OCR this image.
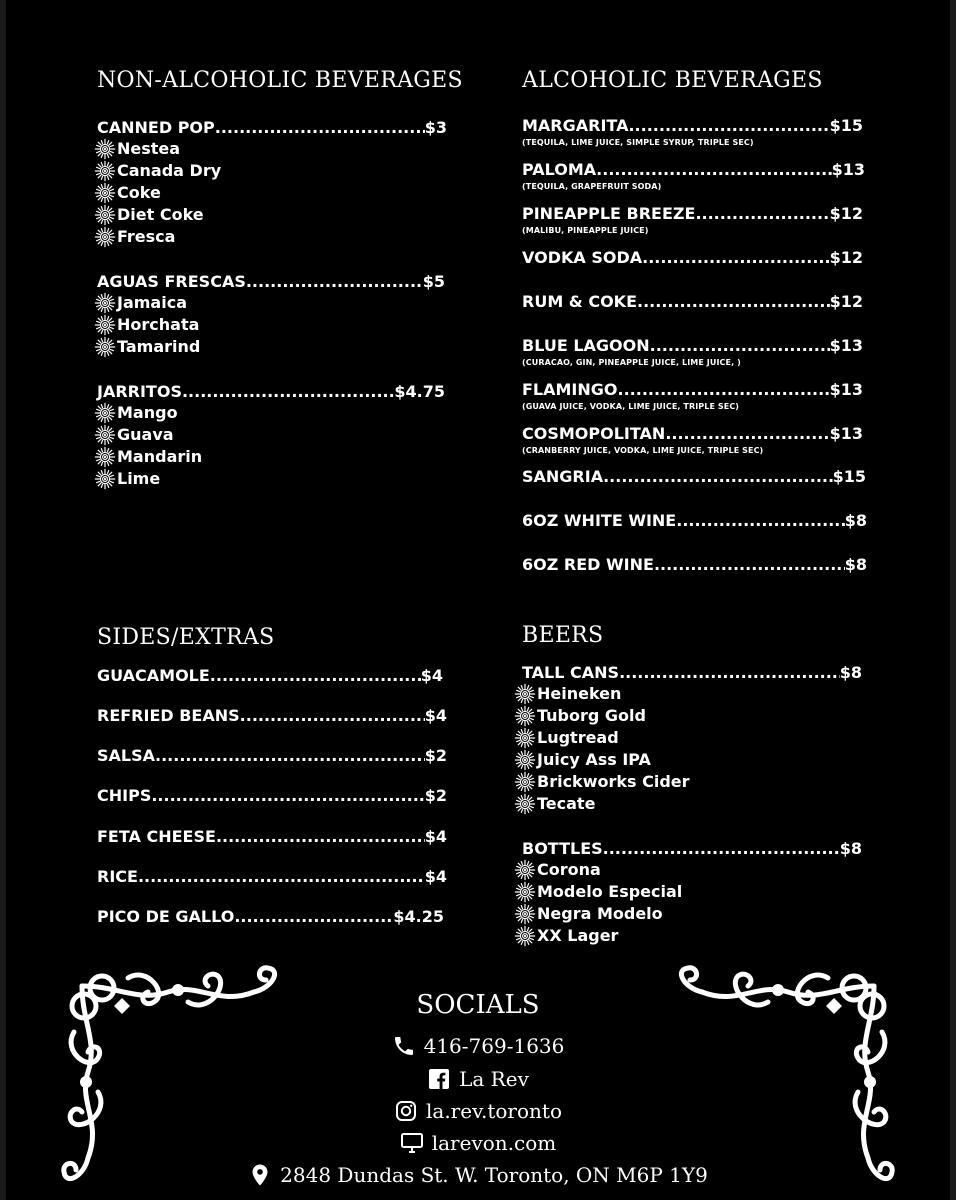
NON-ALCOHOLIC BEVERAGES
CANNED POP .....	$3
Nestea
Canada Dry
Coke
Diet Coke
Fresca
AGUAS FRESCAS .....	$5
Jamaica
Horchata
Tamarind
JARRITOS .....	$4.75
Mango
Guava
Mandarin
Lime
ALCOHOLIC BEVERAGES
MARGARITA .....	$15
(TEQUILA, LIME JUICE, SIMPLE SYRUP, TRIPLE SEC)
PALOMA .....	$13
(TEQUILA, GRAPEFRUIT SODA)
PINEAPPLE BREEZE .....	$12
(MALIBU, PINEAPPLE JUICE)
VODKA SODA .....	$12
RUM & COKE .....	$12
BLUE LAGOON .....	$13
(CURACAO, GIN, PINEAPPLE JUICE, LIME JUICE, )
FLAMINGO .....	$13
(GUAVA JUICE, VODKA, LIME JUICE, TRIPLE SEC)
COSMOPOLITAN .....	$13
(CRANBERRY JUICE, VODKA, LIME JUICE, TRIPLE SEC)
SANGRIA .....	$15
6OZ WHITE WINE .....	$8
6OZ RED WINE .....	$8
SIDES/EXTRAS
GUACAMOLE .....	$4
REFRIED BEANS .....	$4
SALSA .....	$2
CHIPS .....	$2
FETA CHEESE .....	$4
RICE .....	$4
PICO DE GALLO .....	$4.25
BEERS
TALL CANS .....	$8
Heineken
Tuborg Gold
Lugtread
Juicy Ass IPA
Brickworks Cider
Tecate
BOTTLES .....	$8
Corona
Modelo Especial
Negra Modelo
XX Lager
SOCIALS
416-769-1636
La Rev
la.rev.toronto
larevon.com
2848 Dundas St. W. Toronto, ON M6P 1Y9
